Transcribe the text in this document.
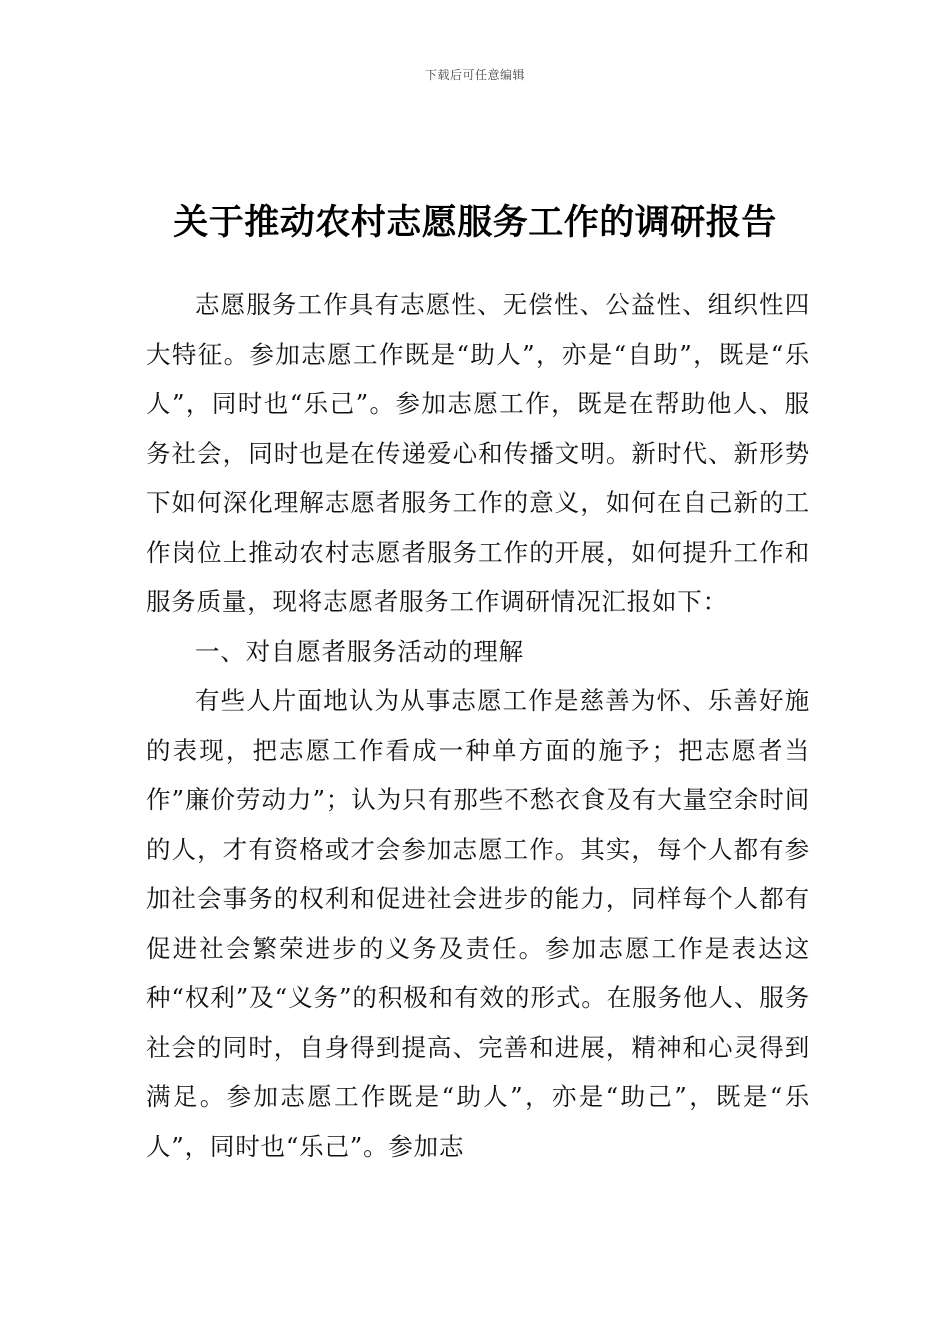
下载后可任意编辑
关于推动农村志愿服务工作的调研报告

志愿服务工作具有志愿性、无偿性、公益性、组织性四大特征。参加志愿工作既是“助人”，亦是“自助”，既是“乐人”，同时也“乐己”。参加志愿工作，既是在帮助他人、服务社会，同时也是在传递爱心和传播文明。新时代、新形势下如何深化理解志愿者服务工作的意义，如何在自己新的工作岗位上推动农村志愿者服务工作的开展，如何提升工作和服务质量，现将志愿者服务工作调研情况汇报如下：

一、对自愿者服务活动的理解

有些人片面地认为从事志愿工作是慈善为怀、乐善好施的表现，把志愿工作看成一种单方面的施予；把志愿者当作”廉价劳动力”；认为只有那些不愁衣食及有大量空余时间的人，才有资格或才会参加志愿工作。其实，每个人都有参加社会事务的权利和促进社会进步的能力，同样每个人都有促进社会繁荣进步的义务及责任。参加志愿工作是表达这种“权利”及“义务”的积极和有效的形式。在服务他人、服务社会的同时，自身得到提高、完善和进展，精神和心灵得到满足。参加志愿工作既是“助人”，亦是“助己”，既是“乐人”，同时也“乐己”。参加志
